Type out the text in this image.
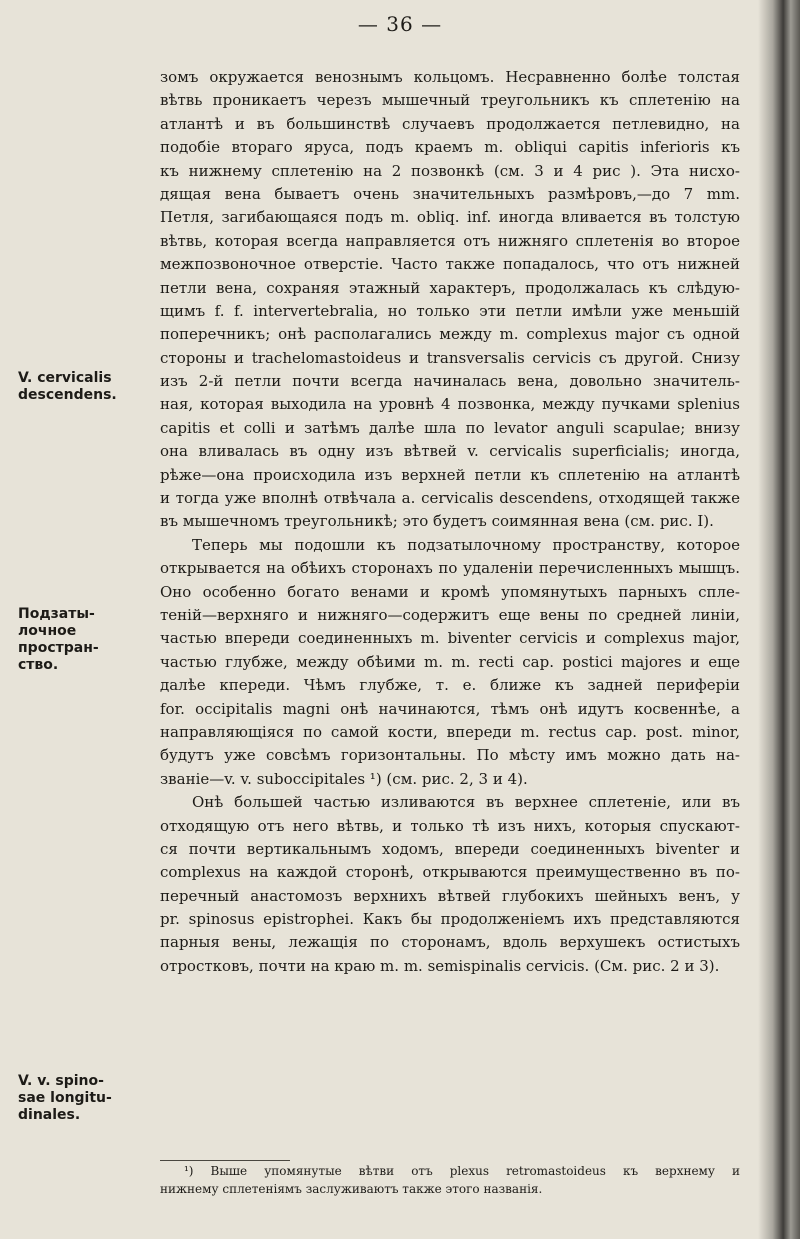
— 36 —
зомъ окружается венознымъ кольцомъ. Несравненно болѣе толстая
вѣтвь проникаетъ черезъ мышечный треугольникъ къ сплетенію на
атлантѣ и въ большинствѣ случаевъ продолжается петлевидно, на
подобіе втораго яруса, подъ краемъ m. obliqui capitis inferioris къ
къ нижнему сплетенію на 2 позвонкѣ (см. 3 и 4 рис ). Эта нисхо-
дящая вена бываетъ очень значительныхъ размѣровъ,—до 7 mm.
Петля, загибающаяся подъ m. obliq. inf. иногда вливается въ толстую
вѣтвь, которая всегда направляется отъ нижняго сплетенія во второе
межпозвоночное отверстіе. Часто также попадалось, что отъ нижней
петли вена, сохраняя этажный характеръ, продолжалась къ слѣдую-
щимъ f. f. intervertebralia, но только эти петли имѣли уже меньшій
поперечникъ; онѣ располагались между m. complexus major съ одной
стороны и trachelomastoideus и transversalis cervicis съ другой. Снизу
изъ 2-й петли почти всегда начиналась вена, довольно значитель-
ная, которая выходила на уровнѣ 4 позвонка, между пучками splenius
capitis et colli и затѣмъ далѣе шла по levator anguli scapulae; внизу
она вливалась въ одну изъ вѣтвей v. cervicalis superficialis; иногда,
рѣже—она происходила изъ верхней петли къ сплетенію на атлантѣ
и тогда уже вполнѣ отвѣчала a. cervicalis descendens, отходящей также
въ мышечномъ треугольникѣ; это будетъ соимянная вена (см. рис. I).
Теперь мы подошли къ подзатылочному пространству, которое
открывается на обѣихъ сторонахъ по удаленіи перечисленныхъ мышцъ.
Оно особенно богато венами и кромѣ упомянутыхъ парныхъ спле-
теній—верхняго и нижняго—содержитъ еще вены по средней линіи,
частью впереди соединенныхъ m. biventer cervicis и complexus major,
частью глубже, между обѣими m. m. recti cap. postici majores и еще
далѣе кпереди. Чѣмъ глубже, т. е. ближе къ задней периферіи
for. occipitalis magni онѣ начинаются, тѣмъ онѣ идутъ косвеннѣе, а
направляющіяся по самой кости, впереди m. rectus cap. post. minor,
будутъ уже совсѣмъ горизонтальны. По мѣсту имъ можно дать на-
званіе—v. v. suboccipitales ¹) (см. рис. 2, 3 и 4).
Онѣ большей частью изливаются въ верхнее сплетеніе, или въ
отходящую отъ него вѣтвь, и только тѣ изъ нихъ, которыя спускают-
ся почти вертикальнымъ ходомъ, впереди соединенныхъ biventer и
complexus на каждой сторонѣ, открываются преимущественно въ по-
перечный анастомозъ верхнихъ вѣтвей глубокихъ шейныхъ венъ, у
pr. spinosus epistrophei. Какъ бы продолженіемъ ихъ представляются
парныя вены, лежащія по сторонамъ, вдоль верхушекъ остистыхъ
отростковъ, почти на краю m. m. semispinalis cervicis. (См. рис. 2 и 3).
V. cervicalis
descendens.
Подзаты-
лочное
простран-
ство.
V. v. spino-
sae longitu-
dinales.
¹) Выше упомянутые вѣтви отъ plexus retromastoideus къ верхнему и
нижнему сплетеніямъ заслуживаютъ также этого названія.
